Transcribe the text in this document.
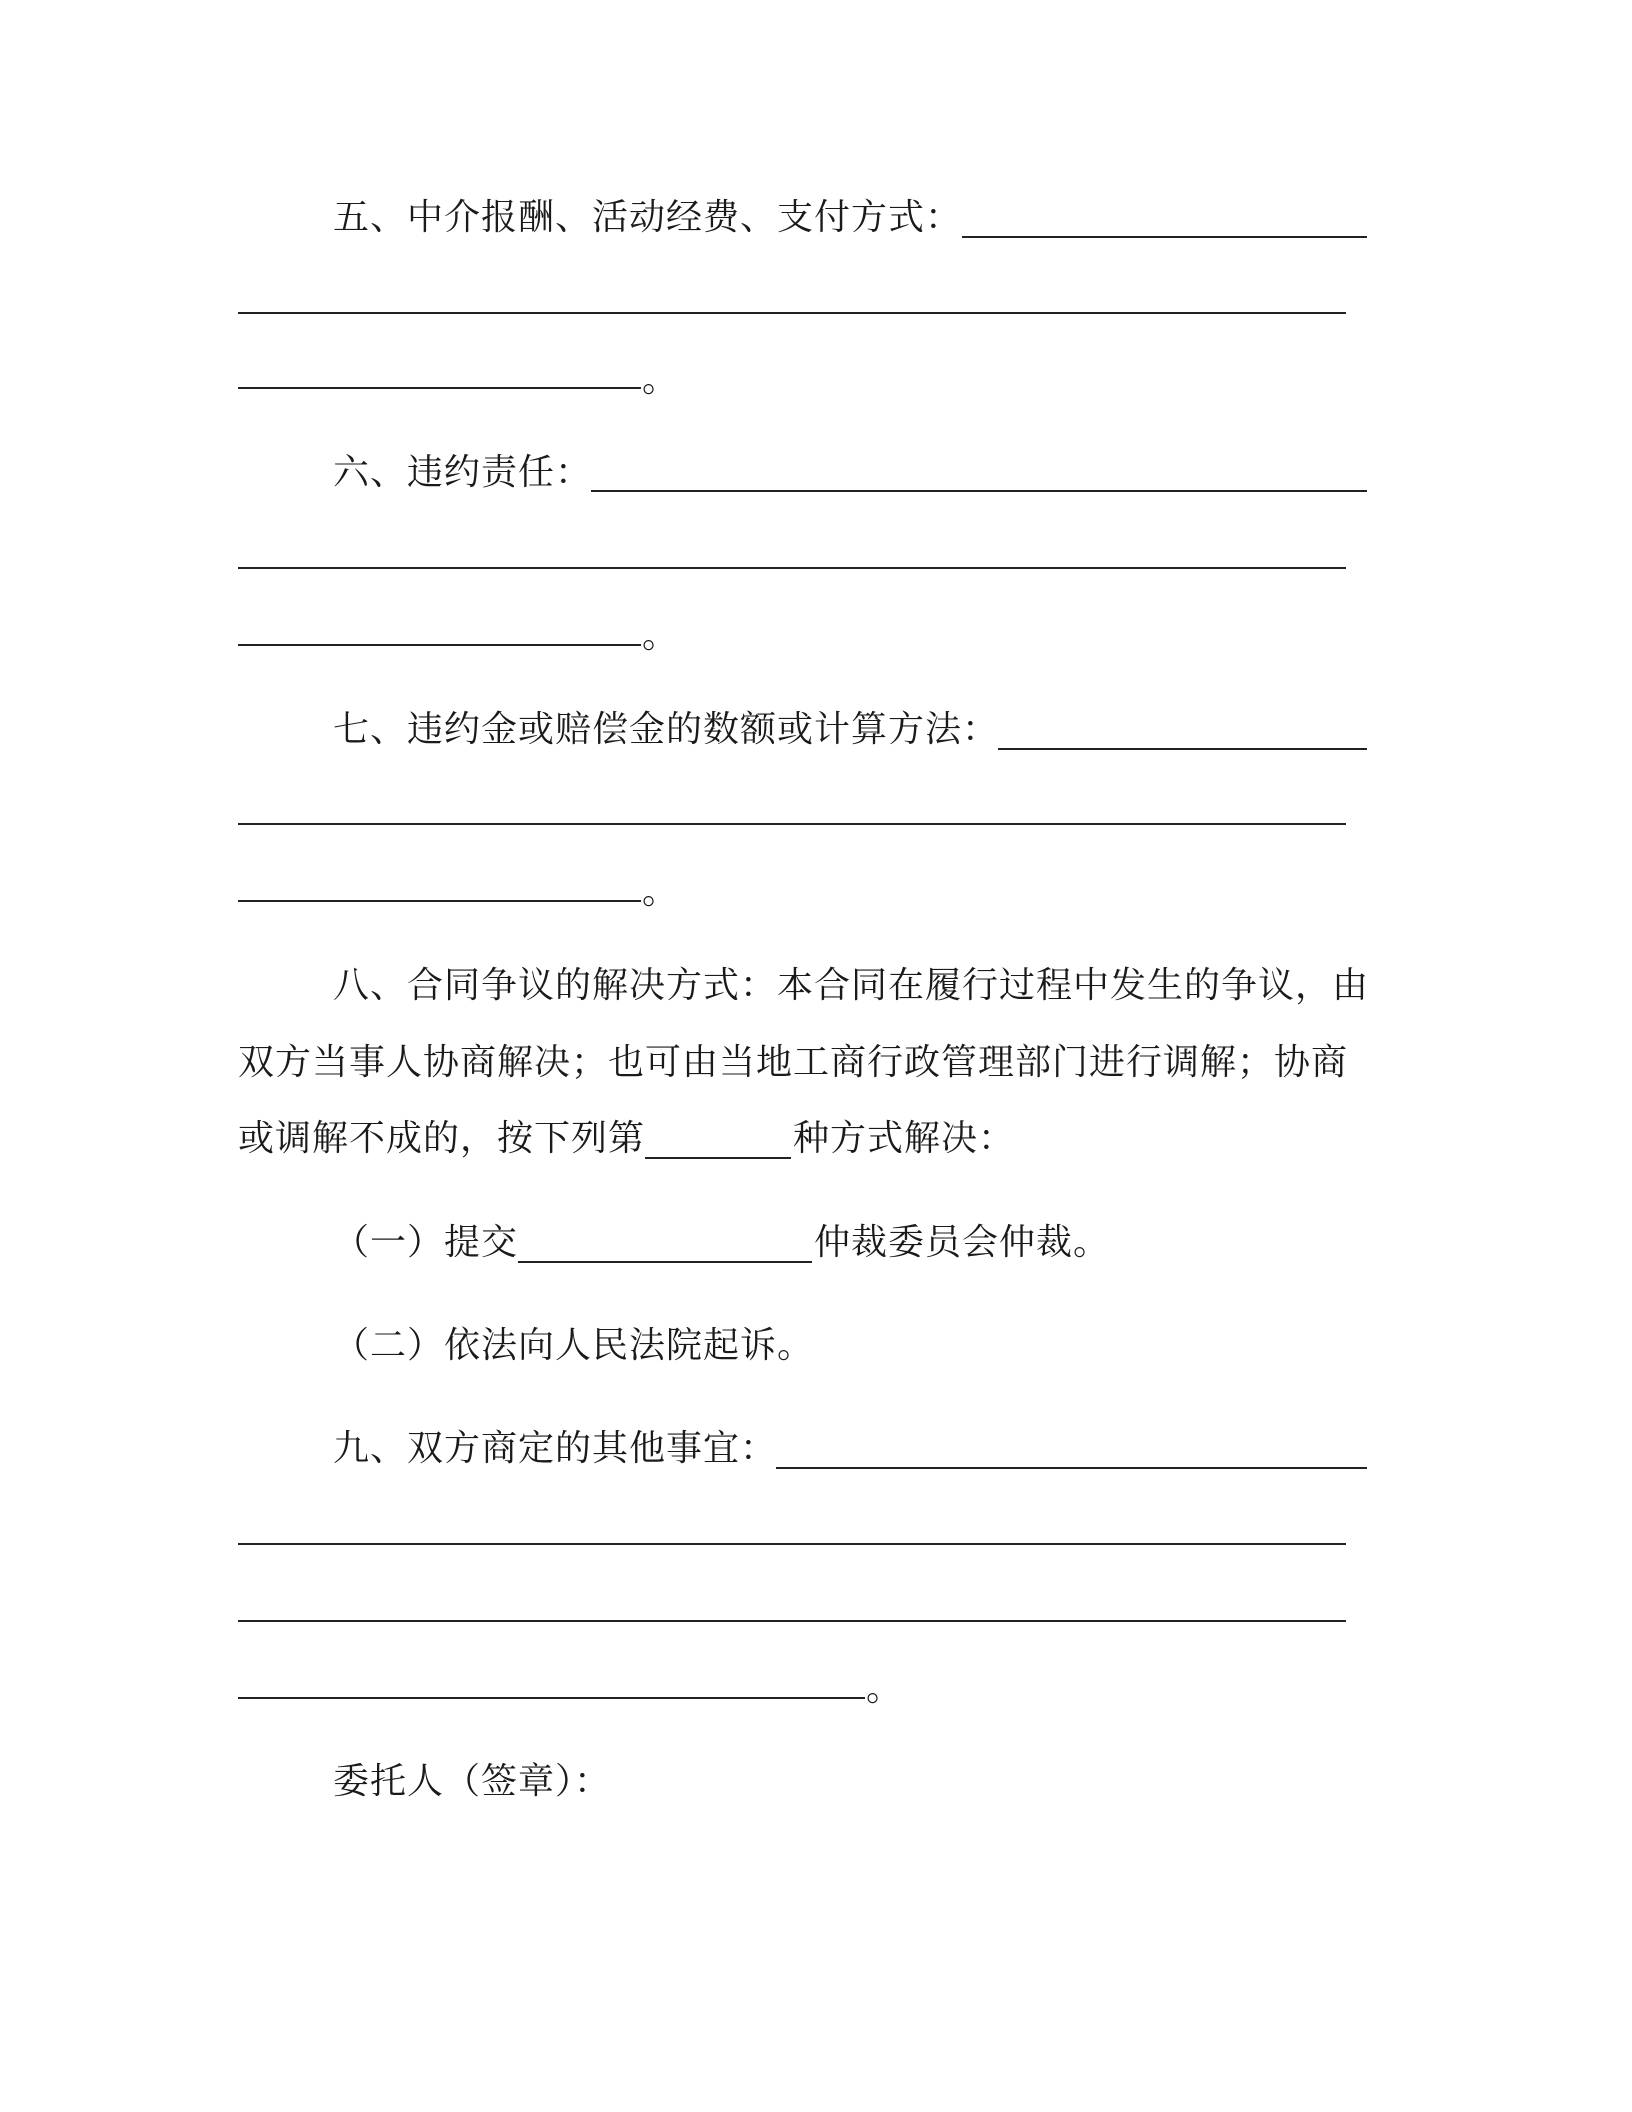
五、中介报酬、活动经费、支付方式：
。
六、违约责任：
。
七、违约金或赔偿金的数额或计算方法：
。
八、合同争议的解决方式：本合同在履行过程中发生的争议，由
双方当事人协商解决；也可由当地工商行政管理部门进行调解；协商
或调解不成的，按下列第	种方式解决：
（一）提交	仲裁委员会仲裁。
（二）依法向人民法院起诉。
九、双方商定的其他事宜：
。
委托人（签章）：
